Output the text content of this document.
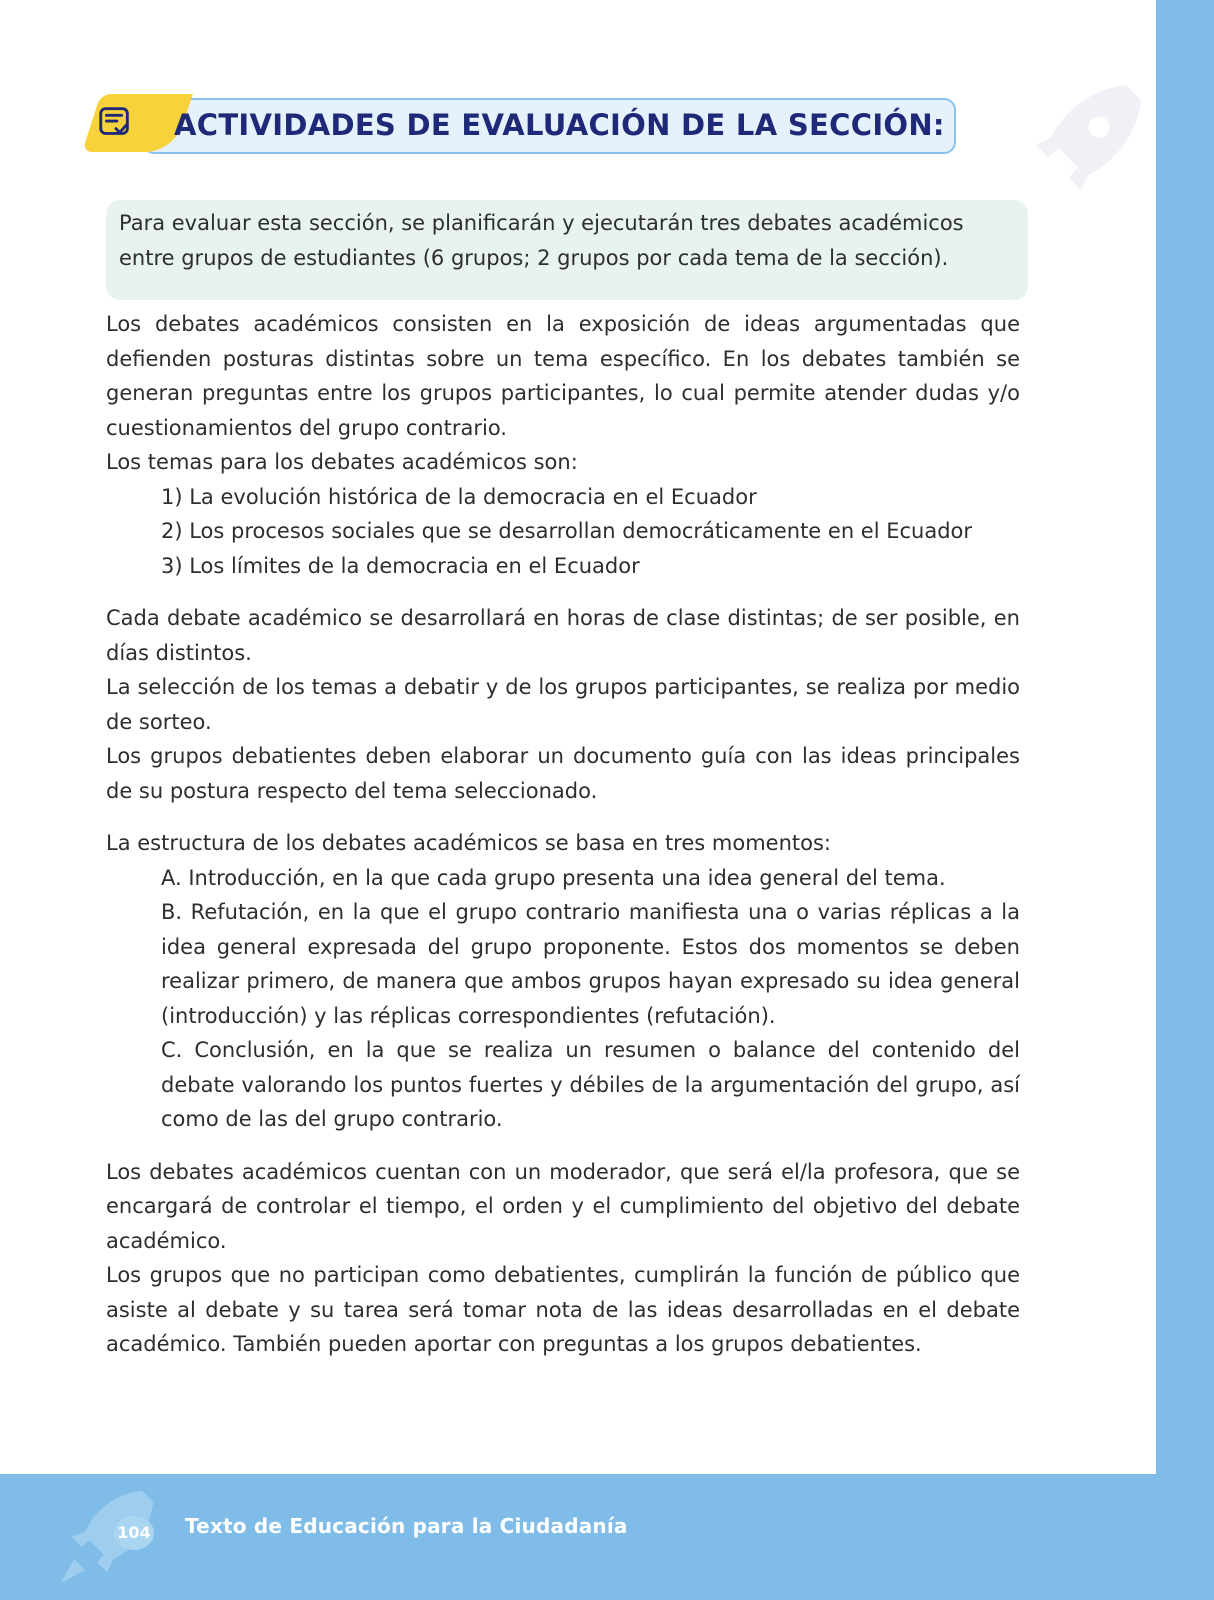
ACTIVIDADES DE EVALUACIÓN DE LA SECCIÓN:

Para evaluar esta sección, se planificarán y ejecutarán tres debates académicos entre grupos de estudiantes (6 grupos; 2 grupos por cada tema de la sección).

Los debates académicos consisten en la exposición de ideas argumentadas que defienden posturas distintas sobre un tema específico. En los debates también se generan preguntas entre los grupos participantes, lo cual permite atender dudas y/o cuestionamientos del grupo contrario.

Los temas para los debates académicos son:

1) La evolución histórica de la democracia en el Ecuador

2) Los procesos sociales que se desarrollan democráticamente en el Ecuador

3) Los límites de la democracia en el Ecuador

Cada debate académico se desarrollará en horas de clase distintas; de ser posible, en días distintos.

La selección de los temas a debatir y de los grupos participantes, se realiza por medio de sorteo.

Los grupos debatientes deben elaborar un documento guía con las ideas principales de su postura respecto del tema seleccionado.

La estructura de los debates académicos se basa en tres momentos:

A. Introducción, en la que cada grupo presenta una idea general del tema.

B. Refutación, en la que el grupo contrario manifiesta una o varias réplicas a la idea general expresada del grupo proponente. Estos dos momentos se deben realizar primero, de manera que ambos grupos hayan expresado su idea general (introducción) y las réplicas correspondientes (refutación).

C. Conclusión, en la que se realiza un resumen o balance del contenido del debate valorando los puntos fuertes y débiles de la argumentación del grupo, así como de las del grupo contrario.

Los debates académicos cuentan con un moderador, que será el/la profesora, que se encargará de controlar el tiempo, el orden y el cumplimiento del objetivo del debate académico.

Los grupos que no participan como debatientes, cumplirán la función de público que asiste al debate y su tarea será tomar nota de las ideas desarrolladas en el debate académico. También pueden aportar con preguntas a los grupos debatientes.

104 Texto de Educación para la Ciudadanía
